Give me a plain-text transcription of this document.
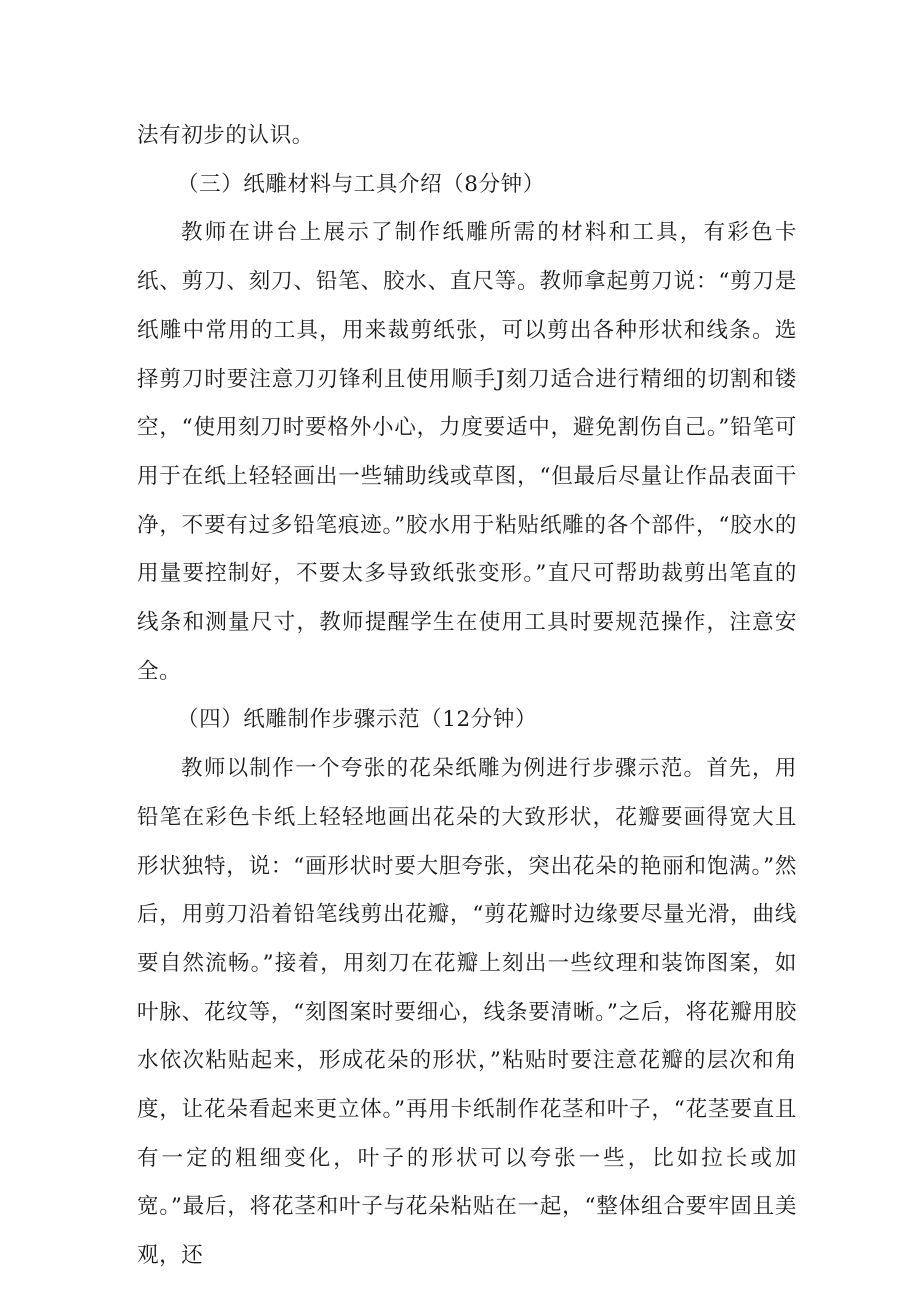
法有初步的认识。

（三）纸雕材料与工具介绍（8分钟）

教师在讲台上展示了制作纸雕所需的材料和工具，有彩色卡纸、剪刀、刻刀、铅笔、胶水、直尺等。教师拿起剪刀说：“剪刀是纸雕中常用的工具，用来裁剪纸张，可以剪出各种形状和线条。选择剪刀时要注意刀刃锋利且使用顺手J刻刀适合进行精细的切割和镂空，“使用刻刀时要格外小心，力度要适中，避免割伤自己。”铅笔可用于在纸上轻轻画出一些辅助线或草图，“但最后尽量让作品表面干净，不要有过多铅笔痕迹。”胶水用于粘贴纸雕的各个部件，“胶水的用量要控制好，不要太多导致纸张变形。”直尺可帮助裁剪出笔直的线条和测量尺寸，教师提醒学生在使用工具时要规范操作，注意安全。

（四）纸雕制作步骤示范（12分钟）

教师以制作一个夸张的花朵纸雕为例进行步骤示范。首先，用铅笔在彩色卡纸上轻轻地画出花朵的大致形状，花瓣要画得宽大且形状独特，说：“画形状时要大胆夸张，突出花朵的艳丽和饱满。”然后，用剪刀沿着铅笔线剪出花瓣，“剪花瓣时边缘要尽量光滑，曲线要自然流畅。”接着，用刻刀在花瓣上刻出一些纹理和装饰图案，如叶脉、花纹等，“刻图案时要细心，线条要清晰。”之后，将花瓣用胶水依次粘贴起来，形成花朵的形状，”粘贴时要注意花瓣的层次和角度，让花朵看起来更立体。”再用卡纸制作花茎和叶子，“花茎要直且有一定的粗细变化，叶子的形状可以夸张一些，比如拉长或加宽。”最后，将花茎和叶子与花朵粘贴在一起，“整体组合要牢固且美观，还
